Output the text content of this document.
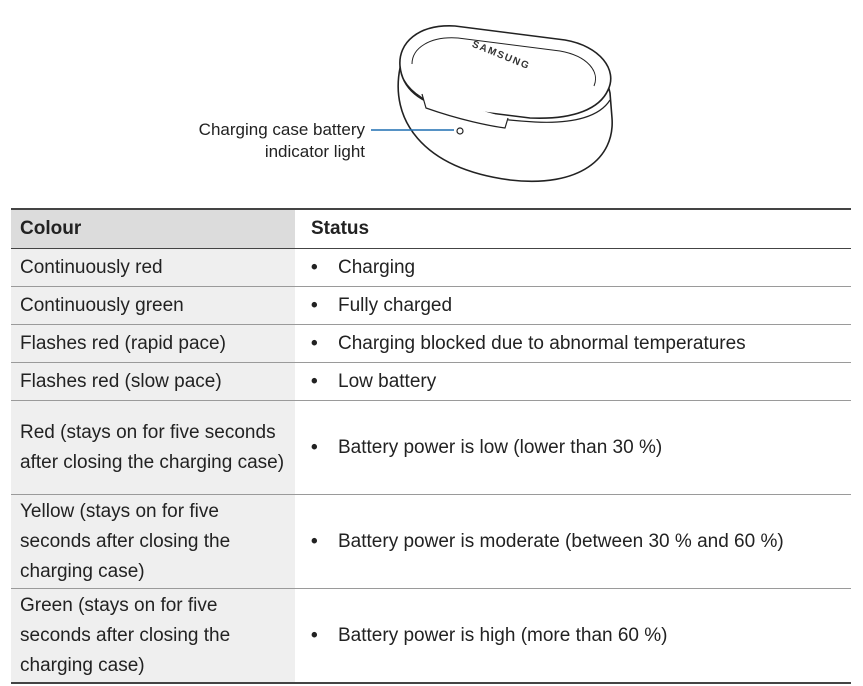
SAMSUNG
Charging case battery
indicator light
Colour	Status
Continuously red	• Charging
Continuously green	• Fully charged
Flashes red (rapid pace)	• Charging blocked due to abnormal temperatures
Flashes red (slow pace)	• Low battery
Red (stays on for five seconds after closing the charging case)	• Battery power is low (lower than 30 %)
Yellow (stays on for five seconds after closing the charging case)	• Battery power is moderate (between 30 % and 60 %)
Green (stays on for five seconds after closing the charging case)	• Battery power is high (more than 60 %)
